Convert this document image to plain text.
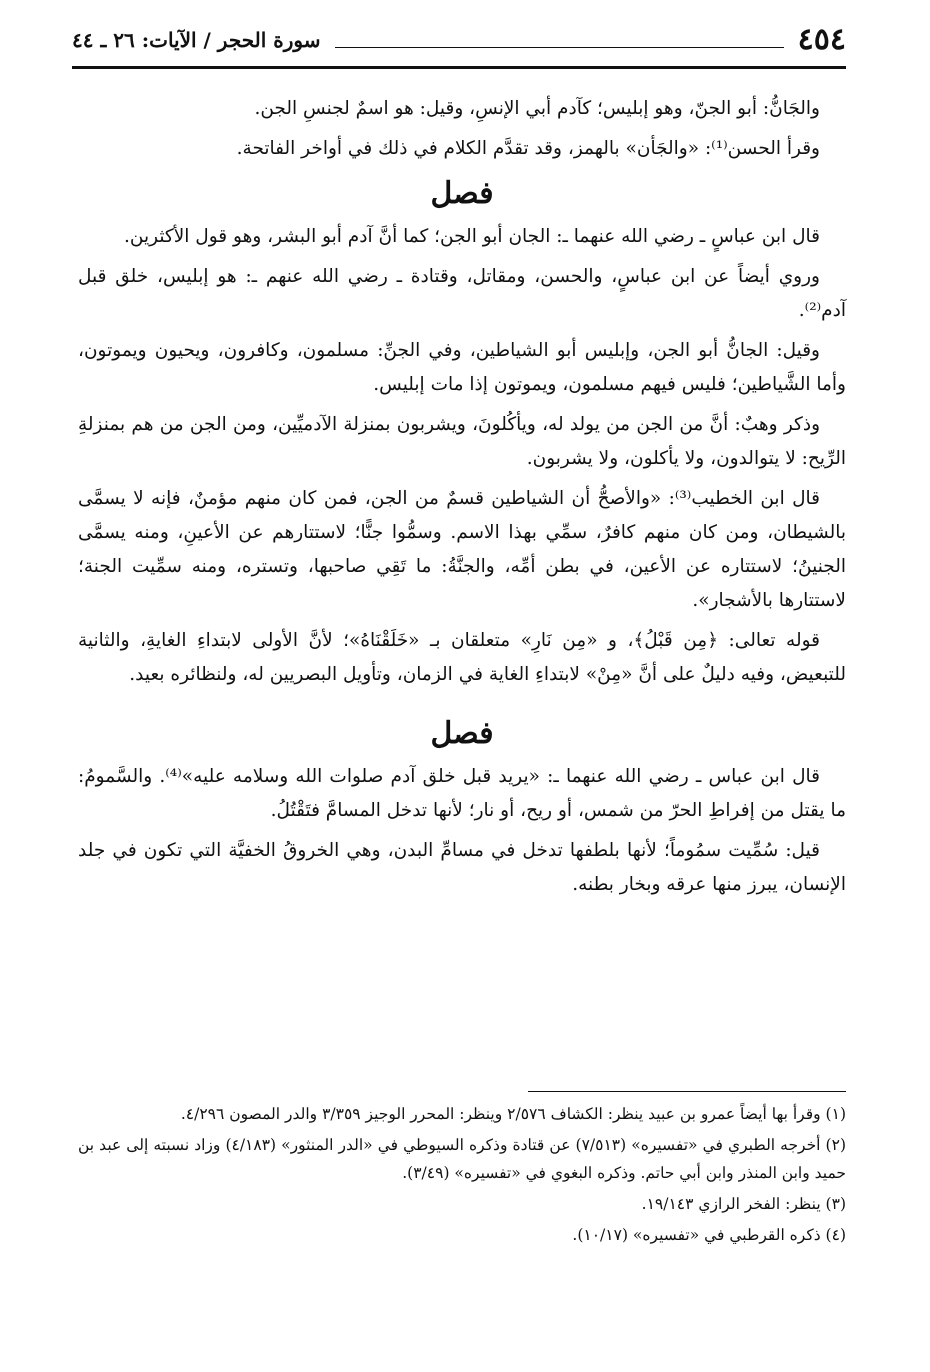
٤٥٤
سورة الحجر / الآيات: ٢٦ ـ ٤٤

والجَانُّ: أبو الجنّ، وهو إبليس؛ كآدم أبي الإنسِ، وقيل: هو اسمٌ لجنسِ الجن.

وقرأ الحسن⁽¹⁾: «والجَأن» بالهمز، وقد تقدَّم الكلام في ذلك في أواخر الفاتحة.

فصل

قال ابن عباسٍ ـ رضي الله عنهما ـ: الجان أبو الجن؛ كما أنَّ آدم أبو البشر، وهو قول الأكثرين.

وروي أيضاً عن ابن عباسٍ، والحسن، ومقاتل، وقتادة ـ رضي الله عنهم ـ: هو إبليس، خلق قبل آدم⁽²⁾.

وقيل: الجانُّ أبو الجن، وإبليس أبو الشياطين، وفي الجنِّ: مسلمون، وكافرون، ويحيون ويموتون، وأما الشَّياطين؛ فليس فيهم مسلمون، ويموتون إذا مات إبليس.

وذكر وهبٌ: أنَّ من الجن من يولد له، ويأكُلونَ، ويشربون بمنزلة الآدميِّين، ومن الجن من هم بمنزلةِ الرِّيح: لا يتوالدون، ولا يأكلون، ولا يشربون.

قال ابن الخطيب⁽³⁾: «والأصحُّ أن الشياطين قسمٌ من الجن، فمن كان منهم مؤمنٌ، فإنه لا يسمَّى بالشيطان، ومن كان منهم كافرٌ، سمِّي بهذا الاسم. وسمُّوا جنًّا؛ لاستتارهم عن الأعينِ، ومنه يسمَّى الجنينُ؛ لاستتاره عن الأعين، في بطن أمِّه، والجنَّةُ: ما تَقِي صاحبها، وتستره، ومنه سمِّيت الجنة؛ لاستتارها بالأشجار».

قوله تعالى: ﴿مِن قَبْلُ﴾، و «مِن نَارِ» متعلقان بـ «خَلَقْنَاهُ»؛ لأنَّ الأولى لابتداءِ الغايةِ، والثانية للتبعيض، وفيه دليلٌ على أنَّ «مِنْ» لابتداءِ الغاية في الزمان، وتأويل البصريين له، ولنظائره بعيد.

فصل

قال ابن عباس ـ رضي الله عنهما ـ: «يريد قبل خلق آدم صلوات الله وسلامه عليه»⁽⁴⁾. والسَّمومُ: ما يقتل من إفراطِ الحرّ من شمس، أو ريح، أو نار؛ لأنها تدخل المسامَّ فتَقْتُلُ.

قيل: سُمِّيت سمُوماً؛ لأنها بلطفها تدخل في مسامِّ البدن، وهي الخروقُ الخفيَّة التي تكون في جلد الإنسان، يبرز منها عرقه وبخار بطنه.

(١) وقرأ بها أيضاً عمرو بن عبيد ينظر: الكشاف ٢/٥٧٦ وينظر: المحرر الوجيز ٣/٣٥٩ والدر المصون ٤/٢٩٦.

(٢) أخرجه الطبري في «تفسيره» (٧/٥١٣) عن قتادة وذكره السيوطي في «الدر المنثور» (٤/١٨٣) وزاد نسبته إلى عبد بن حميد وابن المنذر وابن أبي حاتم. وذكره البغوي في «تفسيره» (٣/٤٩).

(٣) ينظر: الفخر الرازي ١٩/١٤٣.

(٤) ذكره القرطبي في «تفسيره» (١٠/١٧).
